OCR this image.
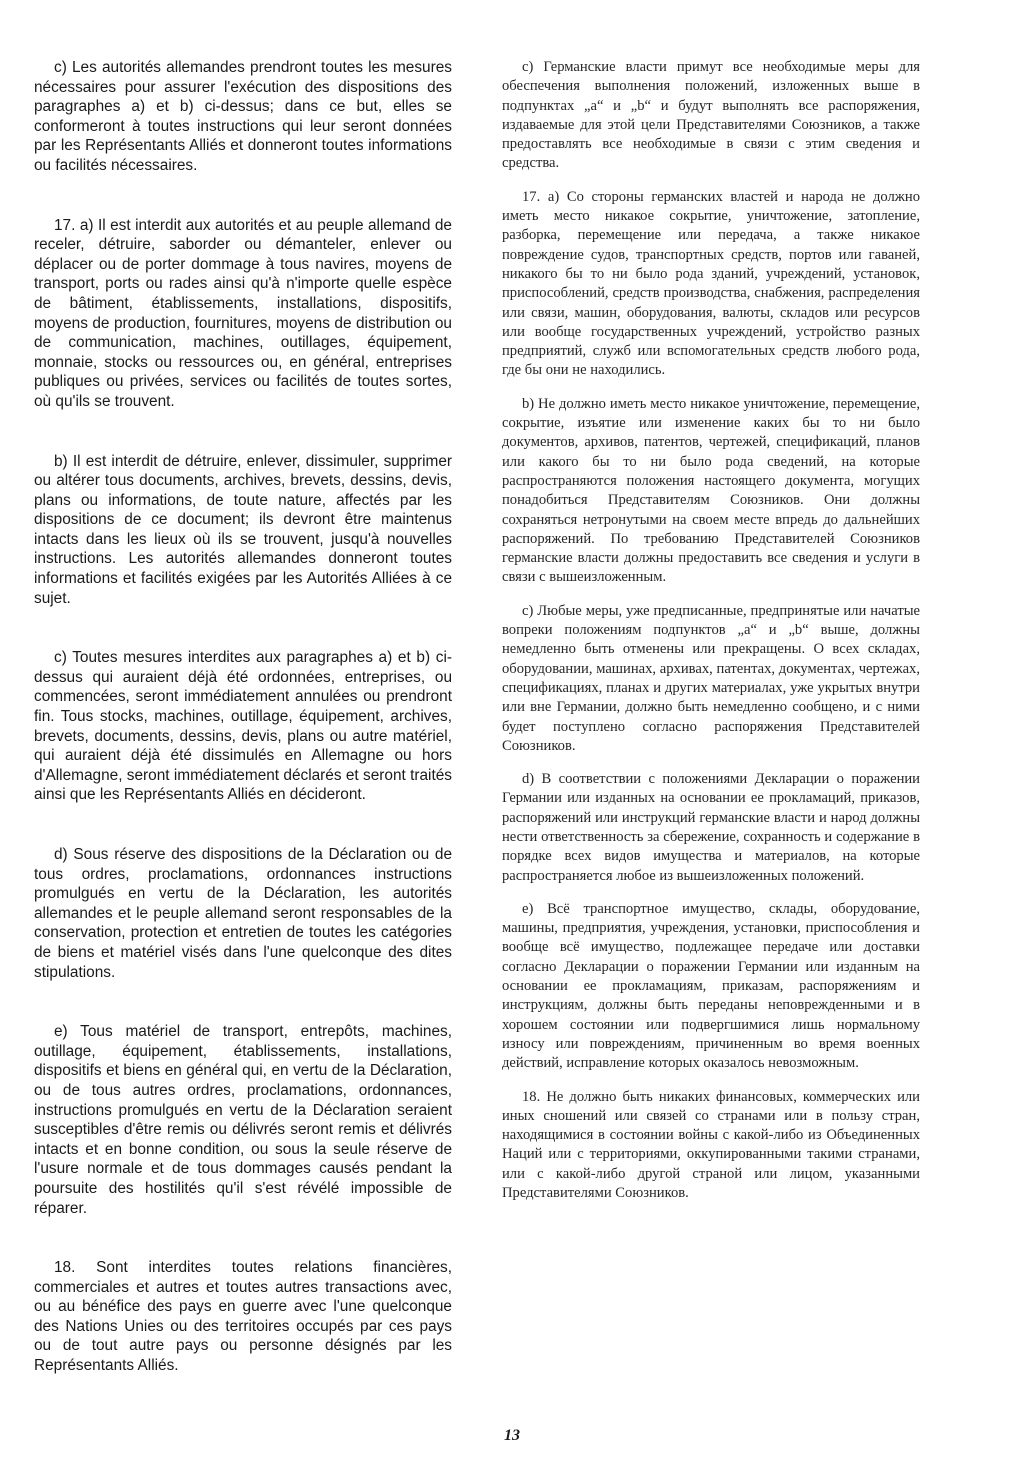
c) Les autorités allemandes prendront toutes les mesures nécessaires pour assurer l'exécution des dispositions des paragraphes a) et b) ci-dessus; dans ce but, elles se conformeront à toutes instructions qui leur seront données par les Représentants Alliés et donneront toutes informations ou facilités nécessaires.

17. a) Il est interdit aux autorités et au peuple allemand de receler, détruire, saborder ou démanteler, enlever ou déplacer ou de porter dommage à tous navires, moyens de transport, ports ou rades ainsi qu'à n'importe quelle espèce de bâtiment, établissements, installations, dispositifs, moyens de production, fournitures, moyens de distribution ou de communication, machines, outillages, équipement, monnaie, stocks ou ressources ou, en général, entreprises publiques ou privées, services ou facilités de toutes sortes, où qu'ils se trouvent.

b) Il est interdit de détruire, enlever, dissimuler, supprimer ou altérer tous documents, archives, brevets, dessins, devis, plans ou informations, de toute nature, affectés par les dispositions de ce document; ils devront être maintenus intacts dans les lieux où ils se trouvent, jusqu'à nouvelles instructions. Les autorités allemandes donneront toutes informations et facilités exigées par les Autorités Alliées à ce sujet.

c) Toutes mesures interdites aux paragraphes a) et b) ci-dessus qui auraient déjà été ordonnées, entreprises, ou commencées, seront immédiatement annulées ou prendront fin. Tous stocks, machines, outillage, équipement, archives, brevets, documents, dessins, devis, plans ou autre matériel, qui auraient déjà été dissimulés en Allemagne ou hors d'Allemagne, seront immédiatement déclarés et seront traités ainsi que les Représentants Alliés en décideront.

d) Sous réserve des dispositions de la Déclaration ou de tous ordres, proclamations, ordonnances instructions promulgués en vertu de la Déclaration, les autorités allemandes et le peuple allemand seront responsables de la conservation, protection et entretien de toutes les catégories de biens et matériel visés dans l'une quelconque des dites stipulations.

e) Tous matériel de transport, entrepôts, machines, outillage, équipement, établissements, installations, dispositifs et biens en général qui, en vertu de la Déclaration, ou de tous autres ordres, proclamations, ordonnances, instructions promulgués en vertu de la Déclaration seraient susceptibles d'être remis ou délivrés seront remis et délivrés intacts et en bonne condition, ou sous la seule réserve de l'usure normale et de tous dommages causés pendant la poursuite des hostilités qu'il s'est révélé impossible de réparer.

18. Sont interdites toutes relations financières, commerciales et autres et toutes autres transactions avec, ou au bénéfice des pays en guerre avec l'une quelconque des Nations Unies ou des territoires occupés par ces pays ou de tout autre pays ou personne désignés par les Représentants Alliés.

c) Германские власти примут все необходимые меры для обеспечения выполнения положений, изложенных выше в подпунктах „a“ и „b“ и будут выполнять все распоряжения, издаваемые для этой цели Представителями Союзников, а также предоставлять все необходимые в связи с этим сведения и средства.

17. a) Со стороны германских властей и народа не должно иметь место никакое сокрытие, уничтожение, затопление, разборка, перемещение или передача, а также никакое повреждение судов, транспортных средств, портов или гаваней, никакого бы то ни было рода зданий, учреждений, установок, приспособлений, средств производства, снабжения, распределения или связи, машин, оборудования, валюты, складов или ресурсов или вообще государственных учреждений, устройство разных предприятий, служб или вспомогательных средств любого рода, где бы они не находились.

b) Не должно иметь место никакое уничтожение, перемещение, сокрытие, изъятие или изменение каких бы то ни было документов, архивов, патентов, чертежей, спецификаций, планов или какого бы то ни было рода сведений, на которые распространяются положения настоящего документа, могущих понадобиться Представителям Союзников. Они должны сохраняться нетронутыми на своем месте впредь до дальнейших распоряжений. По требованию Представителей Союзников германские власти должны предоставить все сведения и услуги в связи с вышеизложенным.

c) Любые меры, уже предписанные, предпринятые или начатые вопреки положениям подпунктов „a“ и „b“ выше, должны немедленно быть отменены или прекращены. О всех складах, оборудовании, машинах, архивах, патентах, документах, чертежах, спецификациях, планах и других материалах, уже укрытых внутри или вне Германии, должно быть немедленно сообщено, и с ними будет поступлено согласно распоряжения Представителей Союзников.

d) В соответствии с положениями Декларации о поражении Германии или изданных на основании ее прокламаций, приказов, распоряжений или инструкций германские власти и народ должны нести ответственность за сбережение, сохранность и содержание в порядке всех видов имущества и материалов, на которые распространяется любое из вышеизложенных положений.

e) Всё транспортное имущество, склады, оборудование, машины, предприятия, учреждения, установки, приспособления и вообще всё имущество, подлежащее передаче или доставки согласно Декларации о поражении Германии или изданным на основании ее прокламациям, приказам, распоряжениям и инструкциям, должны быть переданы неповрежденными и в хорошем состоянии или подвергшимися лишь нормальному износу или повреждениям, причиненным во время военных действий, исправление которых оказалось невозможным.

18. Не должно быть никаких финансовых, коммерческих или иных сношений или связей со странами или в пользу стран, находящимися в состоянии войны с какой-либо из Объединенных Наций или с территориями, оккупированными такими странами, или с какой-либо другой страной или лицом, указанными Представителями Союзников.

13
